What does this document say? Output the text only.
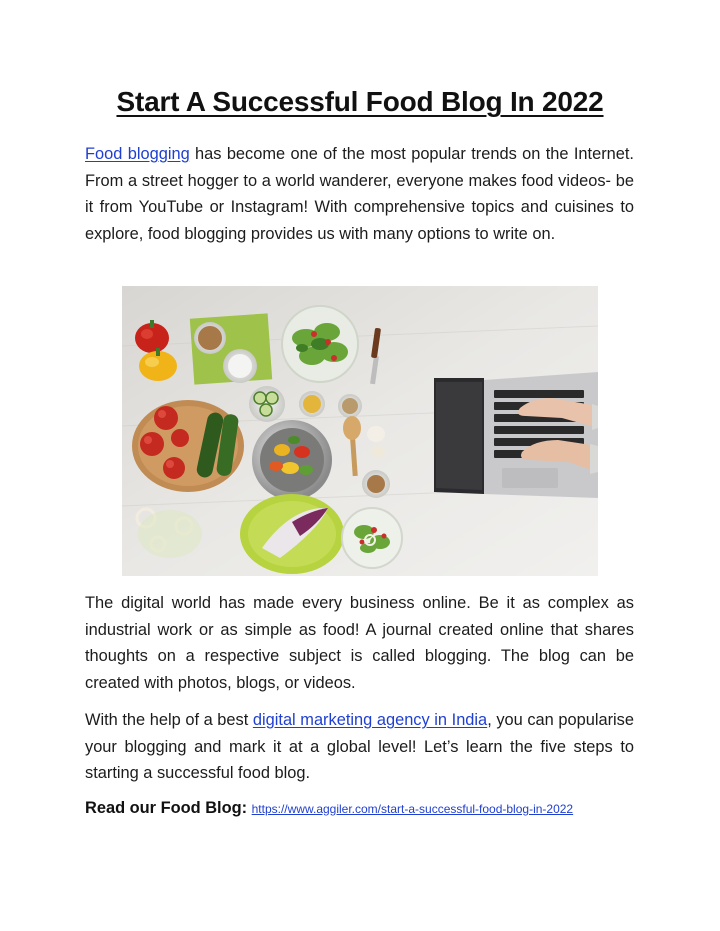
Start A Successful Food Blog In 2022
Food blogging has become one of the most popular trends on the Internet. From a street hogger to a world wanderer, everyone makes food videos- be it from YouTube or Instagram! With comprehensive topics and cuisines to explore, food blogging provides us with many options to write on.
The digital world has made every business online. Be it as complex as industrial work or as simple as food! A journal created online that shares thoughts on a respective subject is called blogging. The blog can be created with photos, blogs, or videos.
With the help of a best digital marketing agency in India, you can popularise your blogging and mark it at a global level! Let’s learn the five steps to starting a successful food blog.
Read our Food Blog: https://www.aggiler.com/start-a-successful-food-blog-in-2022
